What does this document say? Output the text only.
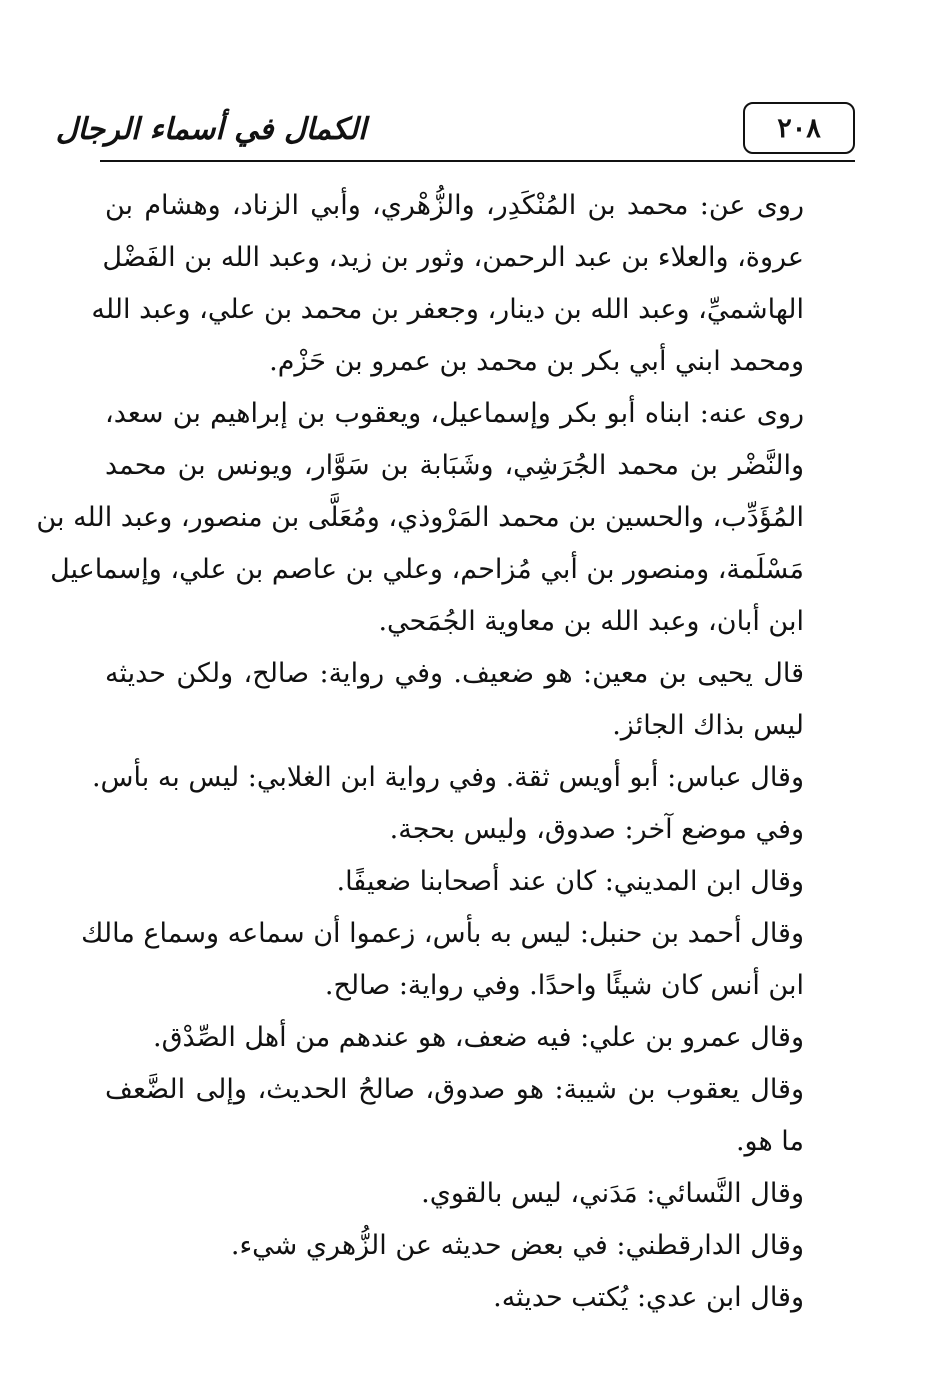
٢٠٨
الكمال في أسماء الرجال
روى عن: محمد بن المُنْكَدِر، والزُّهْري، وأبي الزناد، وهشام بن
عروة، والعلاء بن عبد الرحمن، وثور بن زيد، وعبد الله بن الفَضْل
الهاشميِّ، وعبد الله بن دينار، وجعفر بن محمد بن علي، وعبد الله
ومحمد ابني أبي بكر بن محمد بن عمرو بن حَزْم.
روى عنه: ابناه أبو بكر وإسماعيل، ويعقوب بن إبراهيم بن سعد،
والنَّضْر بن محمد الجُرَشِي، وشَبَابة بن سَوَّار، ويونس بن محمد
المُؤَدِّب، والحسين بن محمد المَرْوذي، ومُعَلَّى بن منصور، وعبد الله بن
مَسْلَمة، ومنصور بن أبي مُزاحم، وعلي بن عاصم بن علي، وإسماعيل
ابن أبان، وعبد الله بن معاوية الجُمَحي.
قال يحيى بن معين: هو ضعيف. وفي رواية: صالح، ولكن حديثه
ليس بذاك الجائز.
وقال عباس: أبو أويس ثقة. وفي رواية ابن الغلابي: ليس به بأس.
وفي موضع آخر: صدوق، وليس بحجة.
وقال ابن المديني: كان عند أصحابنا ضعيفًا.
وقال أحمد بن حنبل: ليس به بأس، زعموا أن سماعه وسماع مالك
ابن أنس كان شيئًا واحدًا. وفي رواية: صالح.
وقال عمرو بن علي: فيه ضعف، هو عندهم من أهل الصِّدْق.
وقال يعقوب بن شيبة: هو صدوق، صالحُ الحديث، وإلى الضَّعف
ما هو.
وقال النَّسائي: مَدَني، ليس بالقوي.
وقال الدارقطني: في بعض حديثه عن الزُّهري شيء.
وقال ابن عدي: يُكتب حديثه.
